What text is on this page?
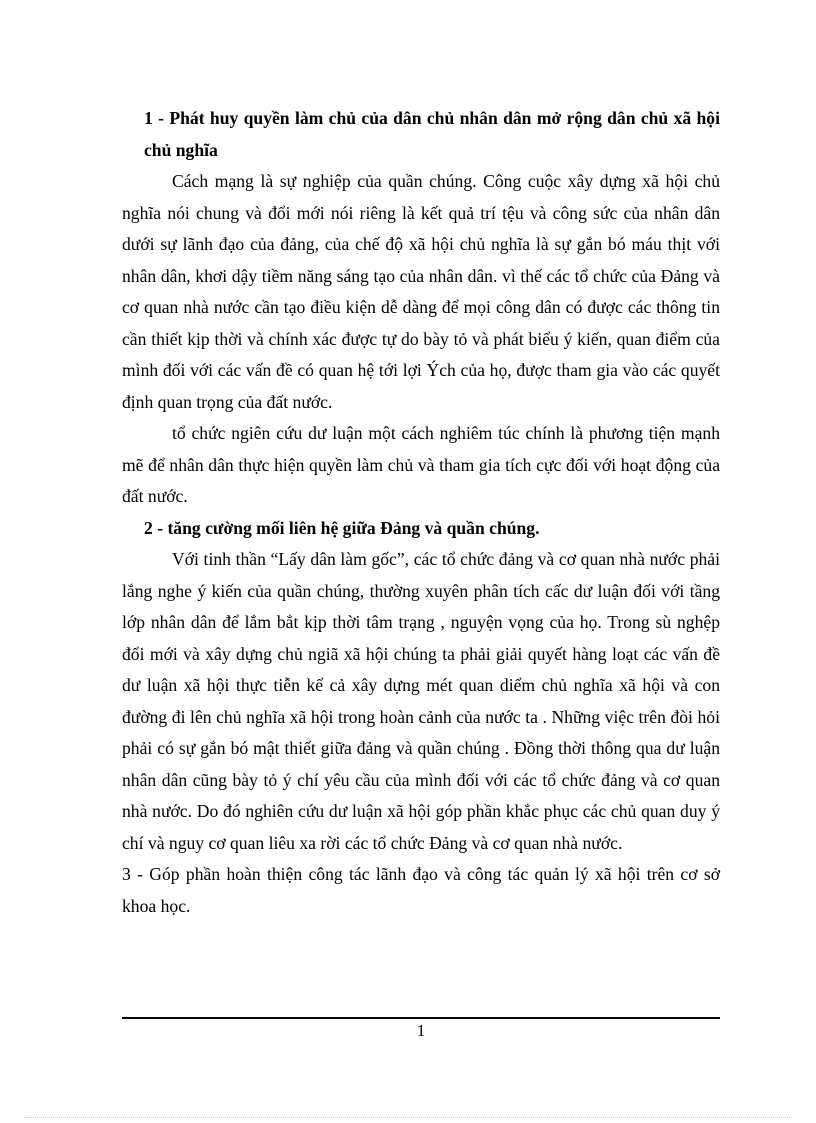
1 - Phát huy quyền làm chủ của dân chủ nhân dân mở rộng dân chủ xã hội chủ nghĩa

Cách mạng là sự nghiệp của quần chúng. Công cuộc xây dựng xã hội chủ nghĩa nói chung và đổi mới nói riêng là kết quả trí tệu và công sức của nhân dân dưới sự lãnh đạo của đảng, của chế độ xã hội chủ nghĩa là sự gắn bó máu thịt với nhân dân, khơi dậy tiềm năng sáng tạo của nhân dân. vì thế các tổ chức của Đảng và cơ quan nhà nước cần tạo điều kiện dễ dàng để mọi công dân có được các thông tin cần thiết kịp thời và chính xác được tự do bày tỏ và phát biểu ý kiến, quan điểm của mình đối với các vấn đề có quan hệ tới lợi Ých của họ, được tham gia vào các quyết định quan trọng của đất nước.

tổ chức ngiên cứu dư luận một cách nghiêm túc chính là phương tiện mạnh mẽ để nhân dân thực hiện quyền làm chủ và tham gia tích cực đối với hoạt động của đất nước.

2 - tăng cường mối liên hệ giữa Đảng và quần chúng.

Với tinh thần “Lấy dân làm gốc”, các tổ chức đảng và cơ quan nhà nước phải lắng nghe ý kiến của quần chúng, thường xuyên phân tích cấc dư luận đối với tầng lớp nhân dân để lắm bắt kịp thời tâm trạng , nguyện vọng của họ. Trong sù nghệp đổi mới và xây dựng chủ ngiã xã hội chúng ta phải giải quyết hàng loạt các vấn đề dư luận xã hội thực tiễn kể cả xây dựng mét quan diểm chủ nghĩa xã hội và con đường đi lên chủ nghĩa xã hội trong hoàn cảnh của nước ta . Những việc trên đòi hỏi phải có sự gắn bó mật thiết giữa đảng và quần chúng . Đồng thời thông qua dư luận nhân dân cũng bày tỏ ý chí yêu cầu của mình đối với các tổ chức đảng và cơ quan nhà nước. Do đó nghiên cứu dư luận xã hội góp phần khắc phục các chủ quan duy ý chí và nguy cơ quan liêu xa rời các tổ chức Đảng và cơ quan nhà nước.

3 - Góp phần hoàn thiện công tác lãnh đạo và công tác quản lý xã hội trên cơ sở khoa học.

1
